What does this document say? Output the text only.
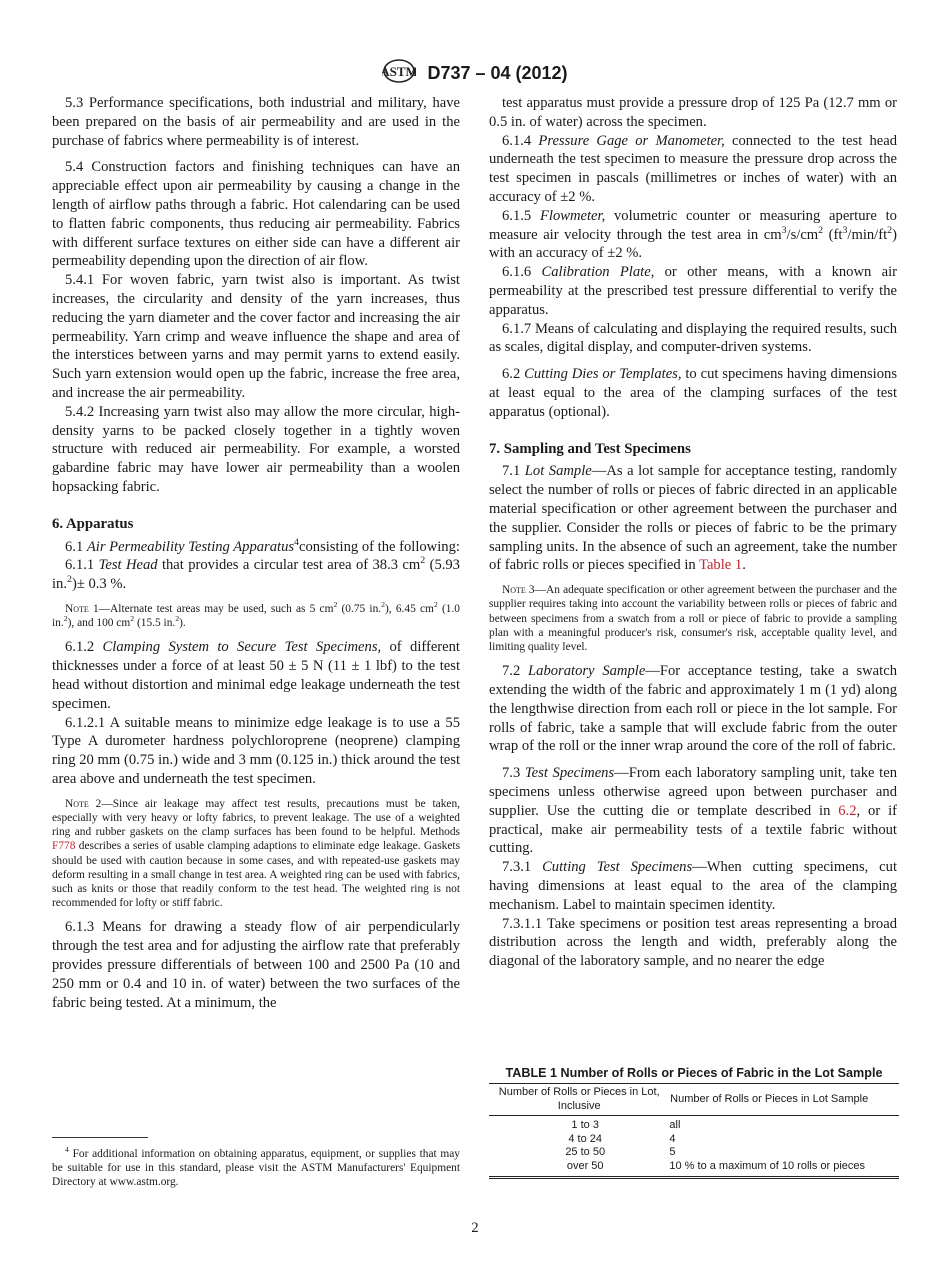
ASTM D737 – 04 (2012)

5.3 Performance specifications, both industrial and military, have been prepared on the basis of air permeability and are used in the purchase of fabrics where permeability is of interest.

5.4 Construction factors and finishing techniques can have an appreciable effect upon air permeability by causing a change in the length of airflow paths through a fabric. Hot calendaring can be used to flatten fabric components, thus reducing air permeability. Fabrics with different surface textures on either side can have a different air permeability depending upon the direction of air flow.

5.4.1 For woven fabric, yarn twist also is important. As twist increases, the circularity and density of the yarn increases, thus reducing the yarn diameter and the cover factor and increasing the air permeability. Yarn crimp and weave influence the shape and area of the interstices between yarns and may permit yarns to extend easily. Such yarn extension would open up the fabric, increase the free area, and increase the air permeability.

5.4.2 Increasing yarn twist also may allow the more circular, high-density yarns to be packed closely together in a tightly woven structure with reduced air permeability. For example, a worsted gabardine fabric may have lower air permeability than a woolen hopsacking fabric.

6. Apparatus

6.1 Air Permeability Testing Apparatus$^4$consisting of the following:

6.1.1 Test Head that provides a circular test area of 38.3 $cm^2$ (5.93 in.$^2$)± 0.3 %.

Note 1—Alternate test areas may be used, such as 5 $cm^2$ (0.75 in.$^2$), 6.45 $cm^2$ (1.0 in.$^2$), and 100 $cm^2$ (15.5 in.$^2$).

6.1.2 Clamping System to Secure Test Specimens, of different thicknesses under a force of at least 50 ± 5 N (11 ± 1 lbf) to the test head without distortion and minimal edge leakage underneath the test specimen.

6.1.2.1 A suitable means to minimize edge leakage is to use a 55 Type A durometer hardness polychloroprene (neoprene) clamping ring 20 mm (0.75 in.) wide and 3 mm (0.125 in.) thick around the test area above and underneath the test specimen.

Note 2—Since air leakage may affect test results, precautions must be taken, especially with very heavy or lofty fabrics, to prevent leakage. The use of a weighted ring and rubber gaskets on the clamp surfaces has been found to be helpful. Methods F778 describes a series of usable clamping adaptions to eliminate edge leakage. Gaskets should be used with caution because in some cases, and with repeated-use gaskets may deform resulting in a small change in test area. A weighted ring can be used with fabrics, such as knits or those that readily conform to the test head. The weighted ring is not recommended for lofty or stiff fabric.

6.1.3 Means for drawing a steady flow of air perpendicularly through the test area and for adjusting the airflow rate that preferably provides pressure differentials of between 100 and 2500 Pa (10 and 250 mm or 0.4 and 10 in. of water) between the two surfaces of the fabric being tested. At a minimum, the

test apparatus must provide a pressure drop of 125 Pa (12.7 mm or 0.5 in. of water) across the specimen.

6.1.4 Pressure Gage or Manometer, connected to the test head underneath the test specimen to measure the pressure drop across the test specimen in pascals (millimetres or inches of water) with an accuracy of ±2 %.

6.1.5 Flowmeter, volumetric counter or measuring aperture to measure air velocity through the test area in $cm^3/s/cm^2$ $(ft^3/\min/ft^2)$ with an accuracy of ±2 %.

6.1.6 Calibration Plate, or other means, with a known air permeability at the prescribed test pressure differential to verify the apparatus.

6.1.7 Means of calculating and displaying the required results, such as scales, digital display, and computer-driven systems.

6.2 Cutting Dies or Templates, to cut specimens having dimensions at least equal to the area of the clamping surfaces of the test apparatus (optional).

7. Sampling and Test Specimens

7.1 Lot Sample—As a lot sample for acceptance testing, randomly select the number of rolls or pieces of fabric directed in an applicable material specification or other agreement between the purchaser and the supplier. Consider the rolls or pieces of fabric to be the primary sampling units. In the absence of such an agreement, take the number of fabric rolls or pieces specified in Table 1.

Note 3—An adequate specification or other agreement between the purchaser and the supplier requires taking into account the variability between rolls or pieces of fabric and between specimens from a swatch from a roll or piece of fabric to provide a sampling plan with a meaningful producer's risk, consumer's risk, acceptable quality level, and limiting quality level.

7.2 Laboratory Sample—For acceptance testing, take a swatch extending the width of the fabric and approximately 1 m (1 yd) along the lengthwise direction from each roll or piece in the lot sample. For rolls of fabric, take a sample that will exclude fabric from the outer wrap of the roll or the inner wrap around the core of the roll of fabric.

7.3 Test Specimens—From each laboratory sampling unit, take ten specimens unless otherwise agreed upon between purchaser and supplier. Use the cutting die or template described in 6.2, or if practical, make air permeability tests of a textile fabric without cutting.

7.3.1 Cutting Test Specimens—When cutting specimens, cut having dimensions at least equal to the area of the clamping mechanism. Label to maintain specimen identity.

7.3.1.1 Take specimens or position test areas representing a broad distribution across the length and width, preferably along the diagonal of the laboratory sample, and no nearer the edge

$^4$ For additional information on obtaining apparatus, equipment, or supplies that may be suitable for use in this standard, please visit the ASTM Manufacturers' Equipment Directory at www.astm.org.
TABLE 1 Number of Rolls or Pieces of Fabric in the Lot Sample
Number of Rolls or Pieces in Lot, Inclusive	Number of Rolls or Pieces in Lot Sample
1 to 3	all
4 to 24	4
25 to 50	5
over 50	10 % to a maximum of 10 rolls or pieces
2
